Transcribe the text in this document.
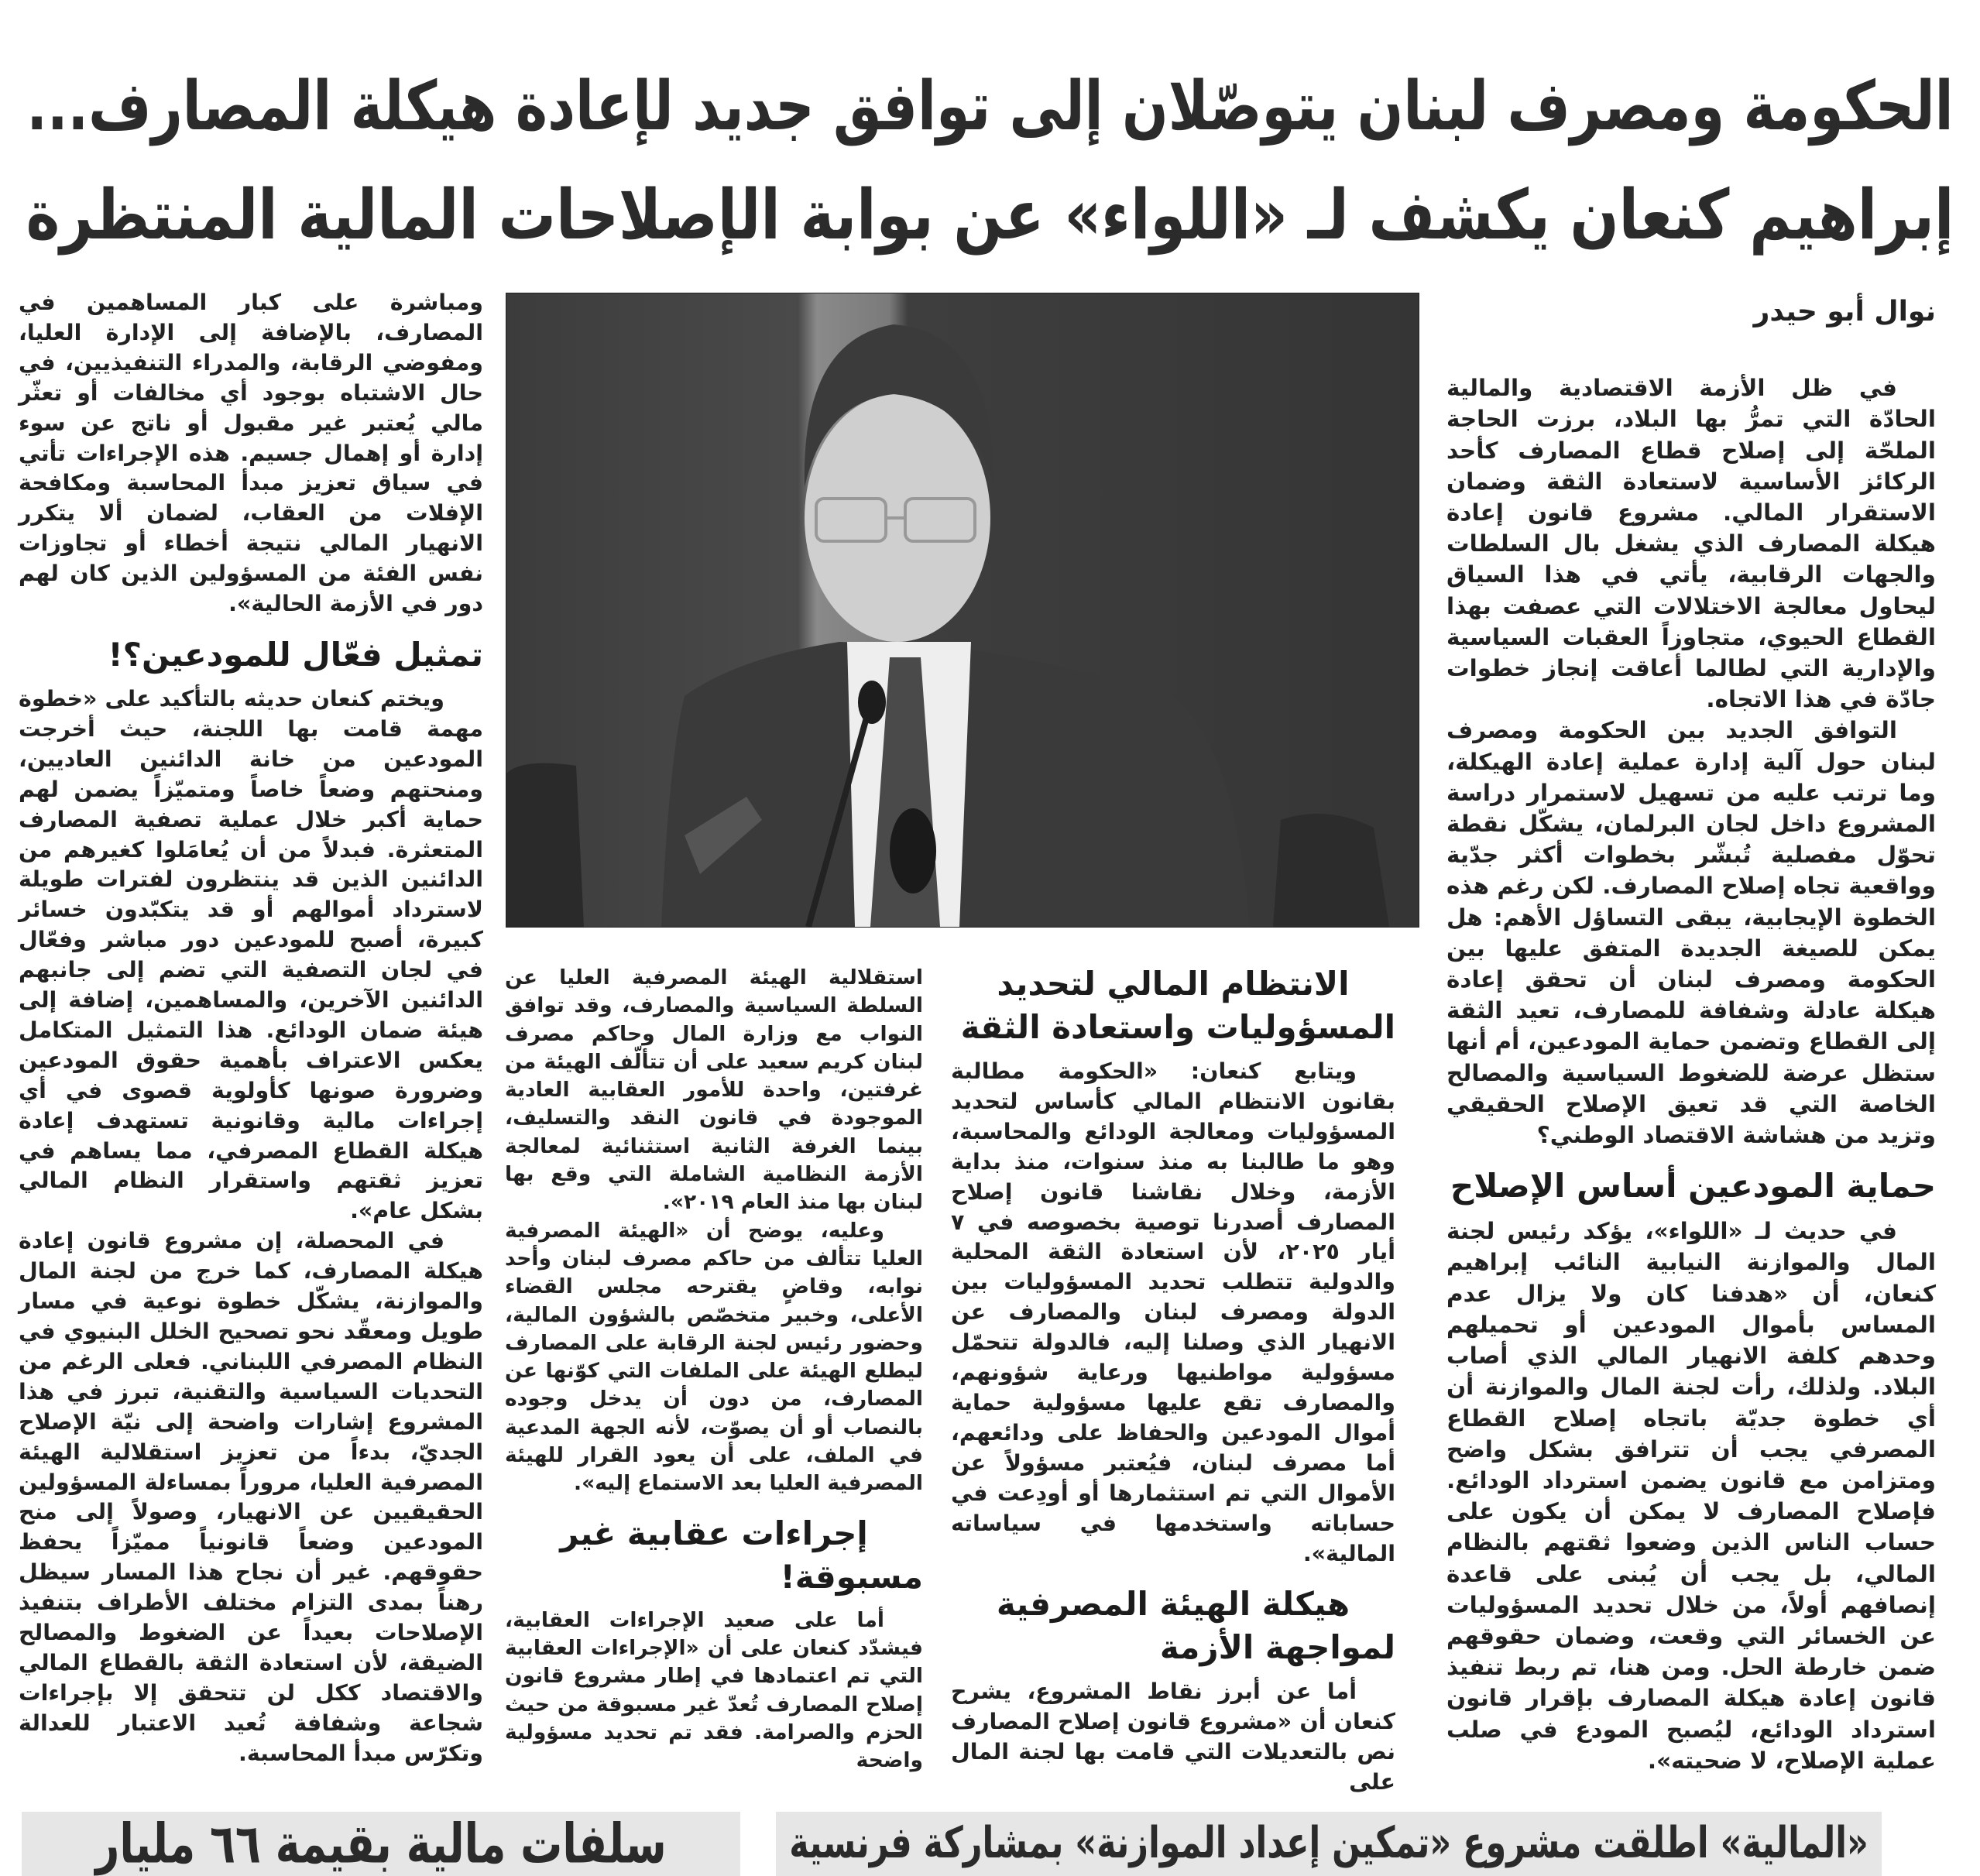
الحكومة ومصرف لبنان يتوصّلان إلى توافق جديد لإعادة هيكلة المصارف...
إبراهيم كنعان يكشف لـ «اللواء» عن بوابة الإصلاحات المالية المنتظرة
نوال أبو حيدر

في ظل الأزمة الاقتصادية والمالية الحادّة التي تمرُّ بها البلاد، برزت الحاجة الملحّة إلى إصلاح قطاع المصارف كأحد الركائز الأساسية لاستعادة الثقة وضمان الاستقرار المالي. مشروع قانون إعادة هيكلة المصارف الذي يشغل بال السلطات والجهات الرقابية، يأتي في هذا السياق ليحاول معالجة الاختلالات التي عصفت بهذا القطاع الحيوي، متجاوزاً العقبات السياسية والإدارية التي لطالما أعاقت إنجاز خطوات جادّة في هذا الاتجاه.

التوافق الجديد بين الحكومة ومصرف لبنان حول آلية إدارة عملية إعادة الهيكلة، وما ترتب عليه من تسهيل لاستمرار دراسة المشروع داخل لجان البرلمان، يشكّل نقطة تحوّل مفصلية تُبشّر بخطوات أكثر جدّية وواقعية تجاه إصلاح المصارف. لكن رغم هذه الخطوة الإيجابية، يبقى التساؤل الأهم: هل يمكن للصيغة الجديدة المتفق عليها بين الحكومة ومصرف لبنان أن تحقق إعادة هيكلة عادلة وشفافة للمصارف، تعيد الثقة إلى القطاع وتضمن حماية المودعين، أم أنها ستظل عرضة للضغوط السياسية والمصالح الخاصة التي قد تعيق الإصلاح الحقيقي وتزيد من هشاشة الاقتصاد الوطني؟

حماية المودعين أساس الإصلاح

في حديث لـ «اللواء»، يؤكد رئيس لجنة المال والموازنة النيابية النائب إبراهيم كنعان، أن «هدفنا كان ولا يزال عدم المساس بأموال المودعين أو تحميلهم وحدهم كلفة الانهيار المالي الذي أصاب البلاد. ولذلك، رأت لجنة المال والموازنة أن أي خطوة جديّة باتجاه إصلاح القطاع المصرفي يجب أن تترافق بشكل واضح ومتزامن مع قانون يضمن استرداد الودائع. فإصلاح المصارف لا يمكن أن يكون على حساب الناس الذين وضعوا ثقتهم بالنظام المالي، بل يجب أن يُبنى على قاعدة إنصافهم أولاً، من خلال تحديد المسؤوليات عن الخسائر التي وقعت، وضمان حقوقهم ضمن خارطة الحل. ومن هنا، تم ربط تنفيذ قانون إعادة هيكلة المصارف بإقرار قانون استرداد الودائع، ليُصبح المودع في صلب عملية الإصلاح، لا ضحيته».

الانتظام المالي لتحديد المسؤوليات واستعادة الثقة

ويتابع كنعان: «الحكومة مطالبة بقانون الانتظام المالي كأساس لتحديد المسؤوليات ومعالجة الودائع والمحاسبة، وهو ما طالبنا به منذ سنوات، منذ بداية الأزمة، وخلال نقاشنا قانون إصلاح المصارف أصدرنا توصية بخصوصه في ٧ أيار ٢٠٢٥، لأن استعادة الثقة المحلية والدولية تتطلب تحديد المسؤوليات بين الدولة ومصرف لبنان والمصارف عن الانهيار الذي وصلنا إليه، فالدولة تتحمّل مسؤولية مواطنيها ورعاية شؤونهم، والمصارف تقع عليها مسؤولية حماية أموال المودعين والحفاظ على ودائعهم، أما مصرف لبنان، فيُعتبر مسؤولاً عن الأموال التي تم استثمارها أو أودِعت في حساباته واستخدمها في سياساته المالية».

هيكلة الهيئة المصرفية لمواجهة الأزمة

أما عن أبرز نقاط المشروع، يشرح كنعان أن «مشروع قانون إصلاح المصارف نص بالتعديلات التي قامت بها لجنة المال على

استقلالية الهيئة المصرفية العليا عن السلطة السياسية والمصارف، وقد توافق النواب مع وزارة المال وحاكم مصرف لبنان كريم سعيد على أن تتألّف الهيئة من غرفتين، واحدة للأمور العقابية العادية الموجودة في قانون النقد والتسليف، بينما الغرفة الثانية استثنائية لمعالجة الأزمة النظامية الشاملة التي وقع بها لبنان بها منذ العام ٢٠١٩».

وعليه، يوضح أن «الهيئة المصرفية العليا تتألف من حاكم مصرف لبنان وأحد نوابه، وقاضٍ يقترحه مجلس القضاء الأعلى، وخبير متخصّص بالشؤون المالية، وحضور رئيس لجنة الرقابة على المصارف ليطلع الهيئة على الملفات التي كوّنها عن المصارف، من دون أن يدخل وجوده بالنصاب أو أن يصوّت، لأنه الجهة المدعية في الملف، على أن يعود القرار للهيئة المصرفية العليا بعد الاستماع إليه».

إجراءات عقابية غير مسبوقة!

أما على صعيد الإجراءات العقابية، فيشدّد كنعان على أن «الإجراءات العقابية التي تم اعتمادها في إطار مشروع قانون إصلاح المصارف تُعدّ غير مسبوقة من حيث الحزم والصرامة. فقد تم تحديد مسؤولية واضحة

ومباشرة على كبار المساهمين في المصارف، بالإضافة إلى الإدارة العليا، ومفوضي الرقابة، والمدراء التنفيذيين، في حال الاشتباه بوجود أي مخالفات أو تعثّر مالي يُعتبر غير مقبول أو ناتج عن سوء إدارة أو إهمال جسيم. هذه الإجراءات تأتي في سياق تعزيز مبدأ المحاسبة ومكافحة الإفلات من العقاب، لضمان ألا يتكرر الانهيار المالي نتيجة أخطاء أو تجاوزات نفس الفئة من المسؤولين الذين كان لهم دور في الأزمة الحالية».

تمثيل فعّال للمودعين؟!

ويختم كنعان حديثه بالتأكيد على «خطوة مهمة قامت بها اللجنة، حيث أخرجت المودعين من خانة الدائنين العاديين، ومنحتهم وضعاً خاصاً ومتميّزاً يضمن لهم حماية أكبر خلال عملية تصفية المصارف المتعثرة. فبدلاً من أن يُعامَلوا كغيرهم من الدائنين الذين قد ينتظرون لفترات طويلة لاسترداد أموالهم أو قد يتكبّدون خسائر كبيرة، أصبح للمودعين دور مباشر وفعّال في لجان التصفية التي تضم إلى جانبهم الدائنين الآخرين، والمساهمين، إضافة إلى هيئة ضمان الودائع. هذا التمثيل المتكامل يعكس الاعتراف بأهمية حقوق المودعين وضرورة صونها كأولوية قصوى في أي إجراءات مالية وقانونية تستهدف إعادة هيكلة القطاع المصرفي، مما يساهم في تعزيز ثقتهم واستقرار النظام المالي بشكل عام».

في المحصلة، إن مشروع قانون إعادة هيكلة المصارف، كما خرج من لجنة المال والموازنة، يشكّل خطوة نوعية في مسار طويل ومعقّد نحو تصحيح الخلل البنيوي في النظام المصرفي اللبناني. فعلى الرغم من التحديات السياسية والتقنية، تبرز في هذا المشروع إشارات واضحة إلى نيّة الإصلاح الجديّ، بدءاً من تعزيز استقلالية الهيئة المصرفية العليا، مروراً بمساءلة المسؤولين الحقيقيين عن الانهيار، وصولاً إلى منح المودعين وضعاً قانونياً مميّزاً يحفظ حقوقهم. غير أن نجاح هذا المسار سيظل رهناً بمدى التزام مختلف الأطراف بتنفيذ الإصلاحات بعيداً عن الضغوط والمصالح الضيقة، لأن استعادة الثقة بالقطاع المالي والاقتصاد ككل لن تتحقق إلا بإجراءات شجاعة وشفافة تُعيد الاعتبار للعدالة وتكرّس مبدأ المحاسبة.

«المالية» اطلقت مشروع «تمكين إعداد الموازنة» بمشاركة فرنسية
سلفات مالية بقيمة ٦٦ مليار
